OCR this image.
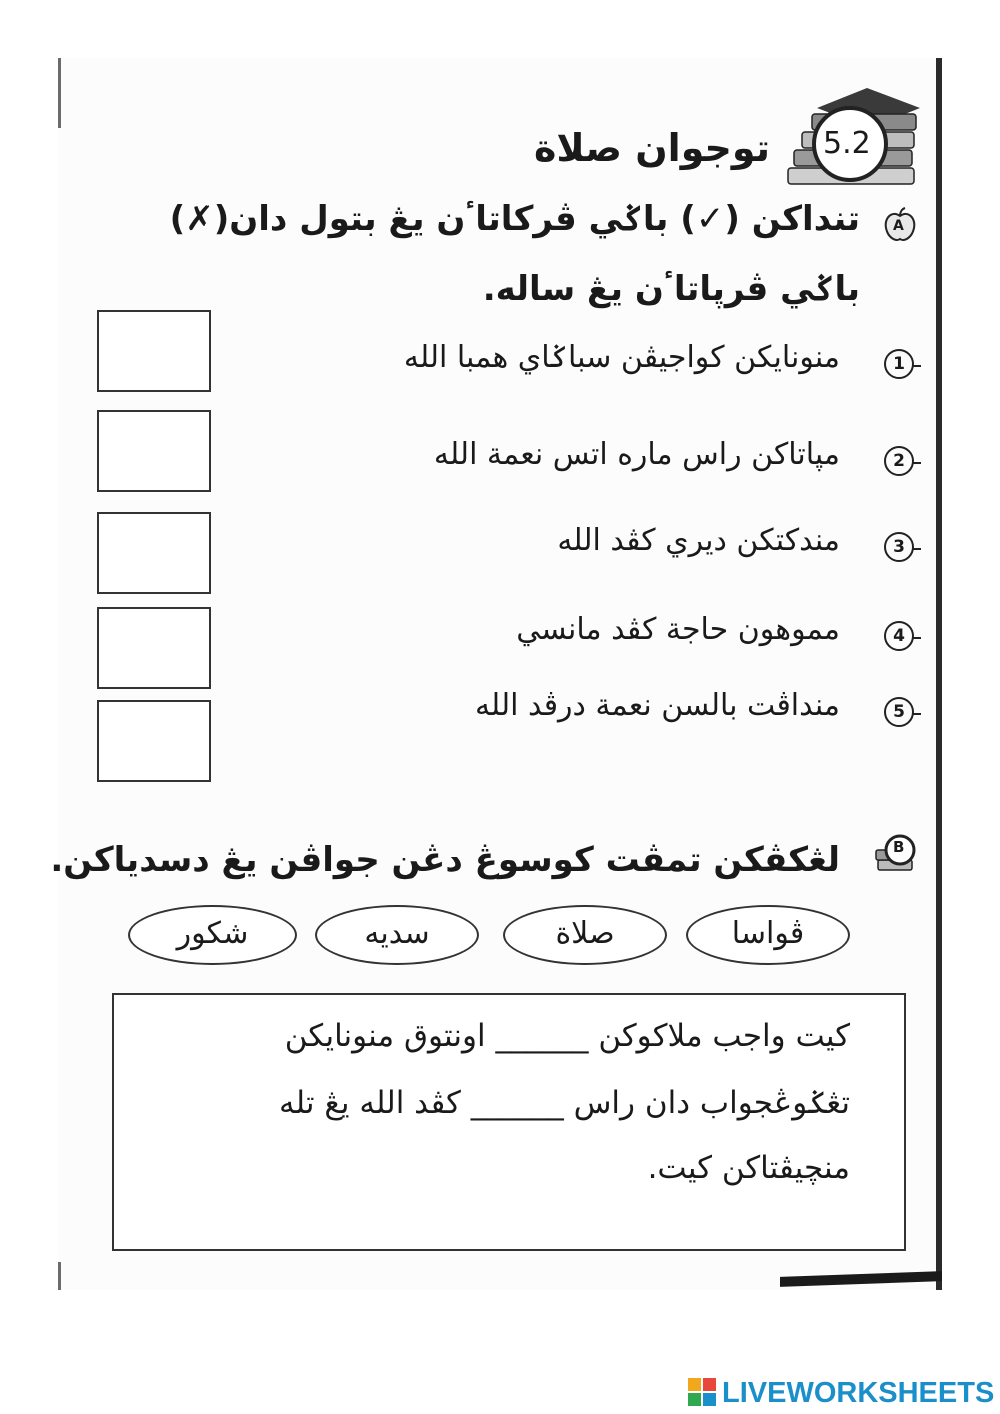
5.2
توجوان صلاة
A
تنداكن (✓) باݢي ڤركاتاٴن يڠ بتول دان(✗)
باݢي ڤرڽاتاٴن يڠ ساله.
1
منونايكن كواجيڤن سباݢاي همبا الله
2
مڽاتاكن راس ماره اتس نعمة الله
3
مندكتكن ديري كڤد الله
4
مموهون حاجة كڤد مانسي
5
منداڤت بالسن نعمة درڤد الله
B
لڠكڤكن تمڤت كوسوڠ دڠن جواڤن يڠ دسدياكن.
ڤواسا
صلاة
سديه
شكور
كيت واجب ملاكوكن ______ اونتوق منونايكن
تڠݢوڠجواب دان راس ______ كڤد الله يڠ تله
منچيڤتاكن كيت.
LIVEWORKSHEETS
